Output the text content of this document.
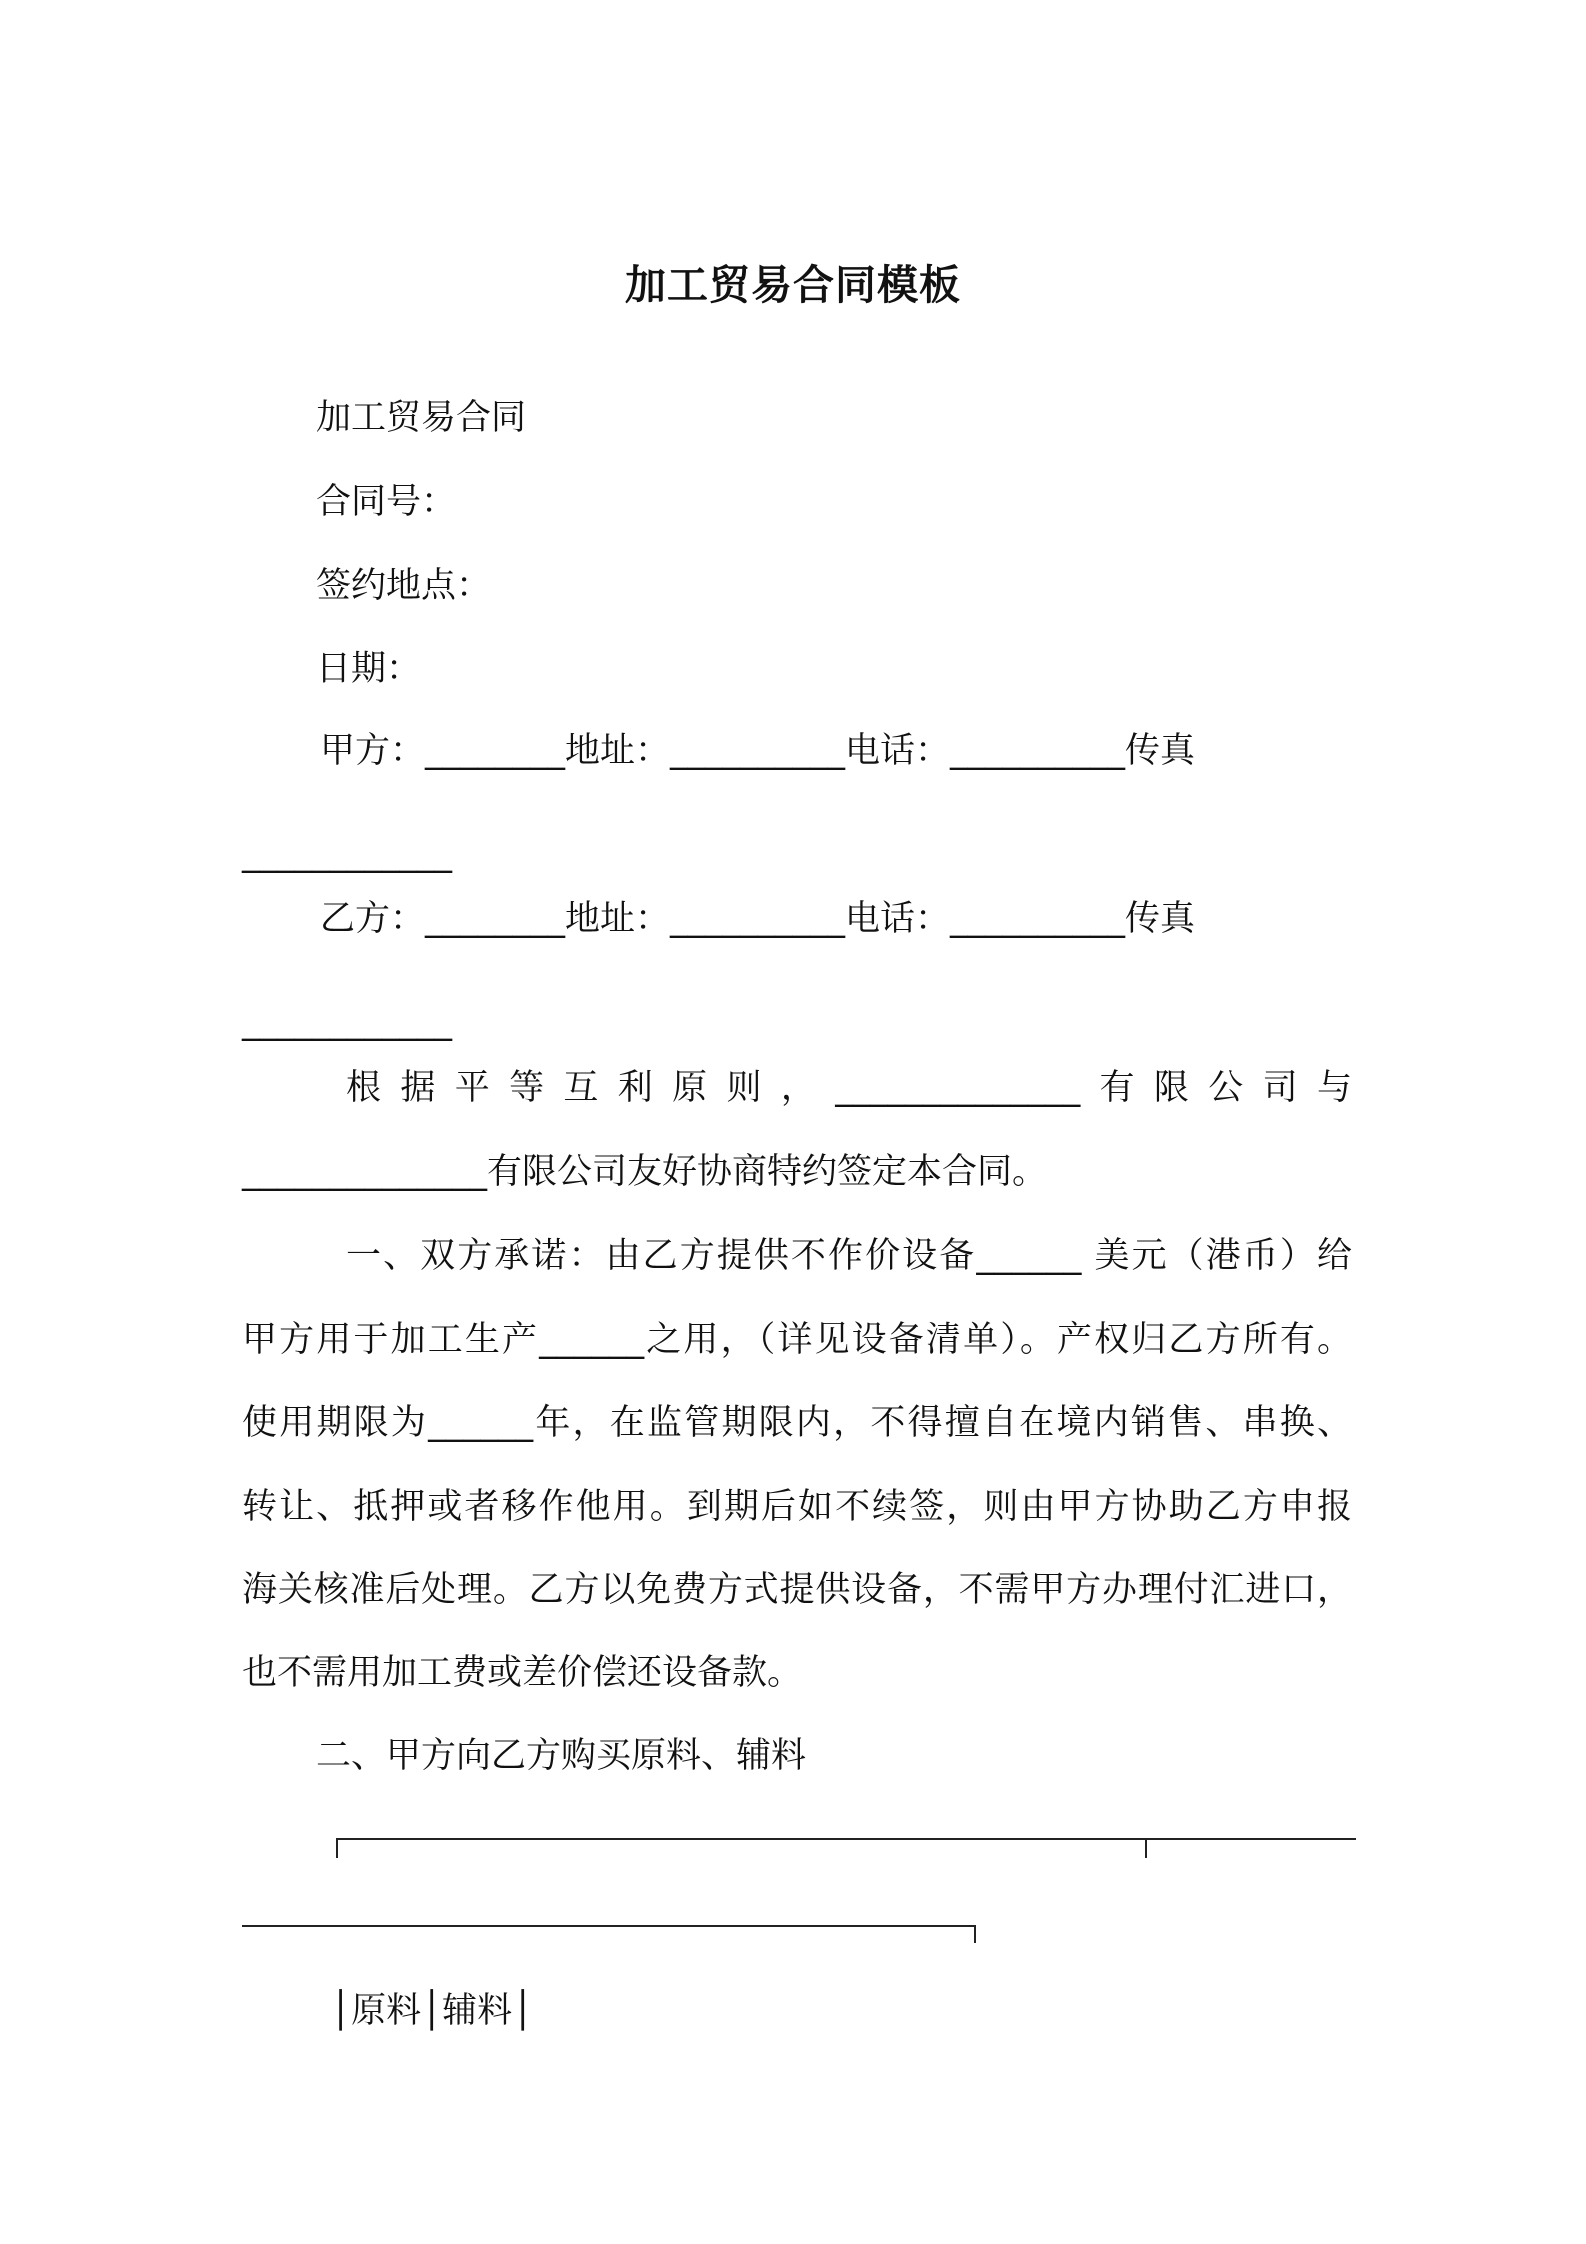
加工贸易合同模板
加工贸易合同
合同号：
签约地点：
日期：
甲方：________地址：__________电话：__________传真
____________
乙方：________地址：__________电话：__________传真
____________
根据平等互利原则，______________有限公司与
______________有限公司友好协商特约签定本合同。
一、双方承诺：由乙方提供不作价设备______ 美元（港币）给
甲方用于加工生产______之用，（详见设备清单）。产权归乙方所有。
使用期限为______年，在监管期限内，不得擅自在境内销售、串换、
转让、抵押或者移作他用。到期后如不续签，则由甲方协助乙方申报
海关核准后处理。乙方以免费方式提供设备，不需甲方办理付汇进口，
也不需用加工费或差价偿还设备款。
二、甲方向乙方购买原料、辅料
│原料│辅料│
